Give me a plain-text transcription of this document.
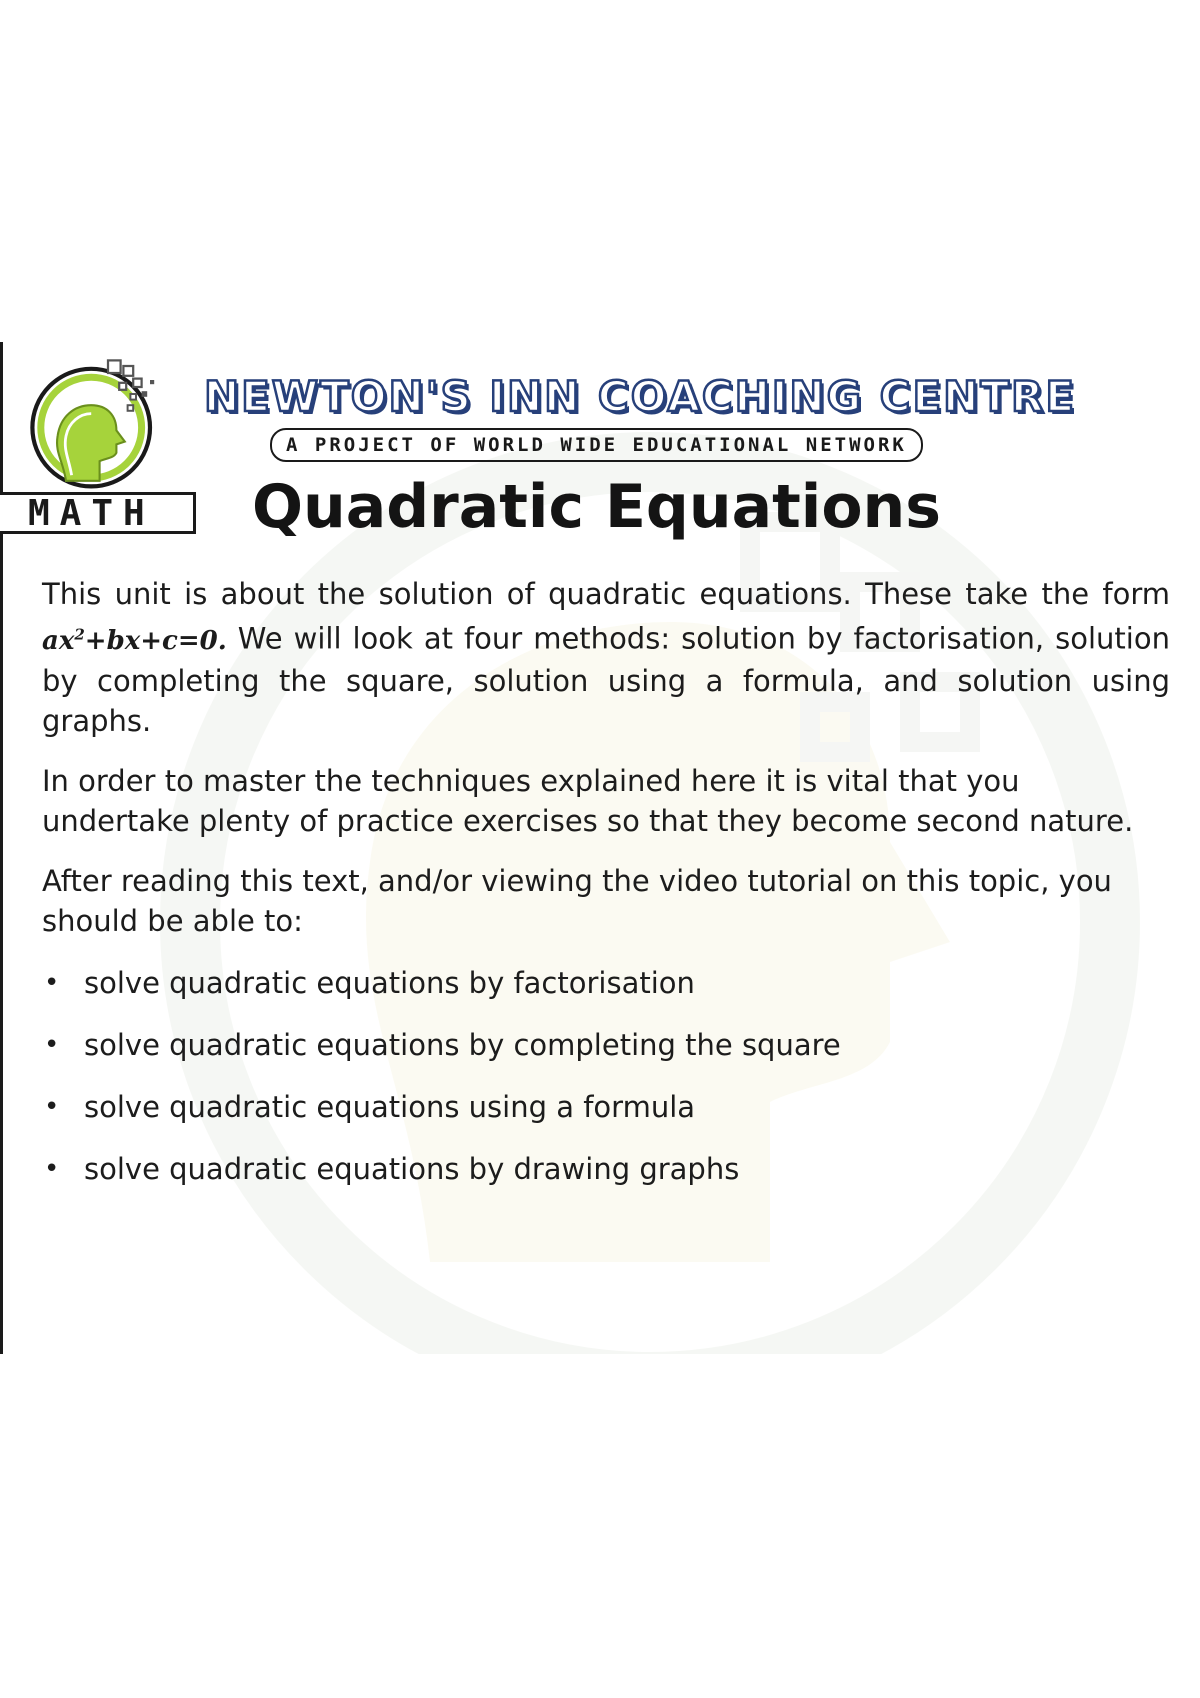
NEWTON'S INN COACHING CENTRE
A PROJECT OF WORLD WIDE EDUCATIONAL NETWORK
MATH	Quadratic Equations

This unit is about the solution of quadratic equations. These take the form $ax^2+bx+c=0$. We will look at four methods: solution by factorisation, solution by completing the square, solution using a formula, and solution using graphs.

In order to master the techniques explained here it is vital that you undertake plenty of practice exercises so that they become second nature.

After reading this text, and/or viewing the video tutorial on this topic, you should be able to:

• solve quadratic equations by factorisation
• solve quadratic equations by completing the square
• solve quadratic equations using a formula
• solve quadratic equations by drawing graphs
